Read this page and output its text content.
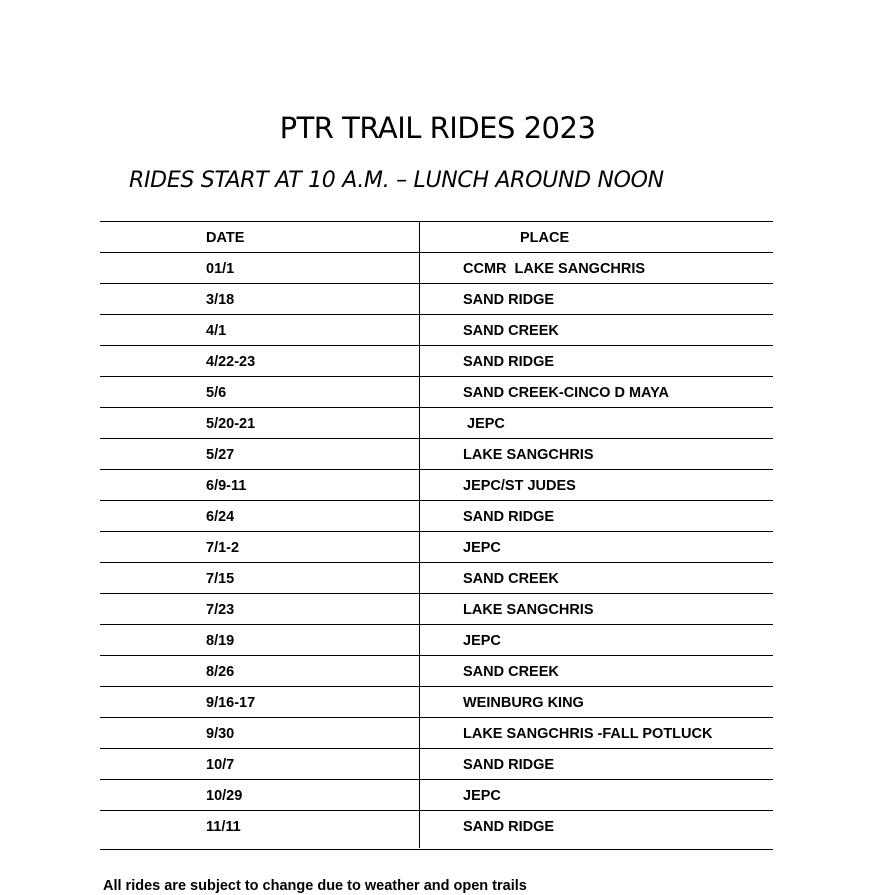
PTR TRAIL RIDES 2023

RIDES START AT 10 A.M. – LUNCH AROUND NOON

DATE	PLACE
01/1	CCMR  LAKE SANGCHRIS
3/18	SAND RIDGE
4/1	SAND CREEK
4/22-23	SAND RIDGE
5/6	SAND CREEK-CINCO D MAYA
5/20-21	JEPC
5/27	LAKE SANGCHRIS
6/9-11	JEPC/ST JUDES
6/24	SAND RIDGE
7/1-2	JEPC
7/15	SAND CREEK
7/23	LAKE SANGCHRIS
8/19	JEPC
8/26	SAND CREEK
9/16-17	WEINBURG KING
9/30	LAKE SANGCHRIS -FALL POTLUCK
10/7	SAND RIDGE
10/29	JEPC
11/11	SAND RIDGE

All rides are subject to change due to weather and open trails
